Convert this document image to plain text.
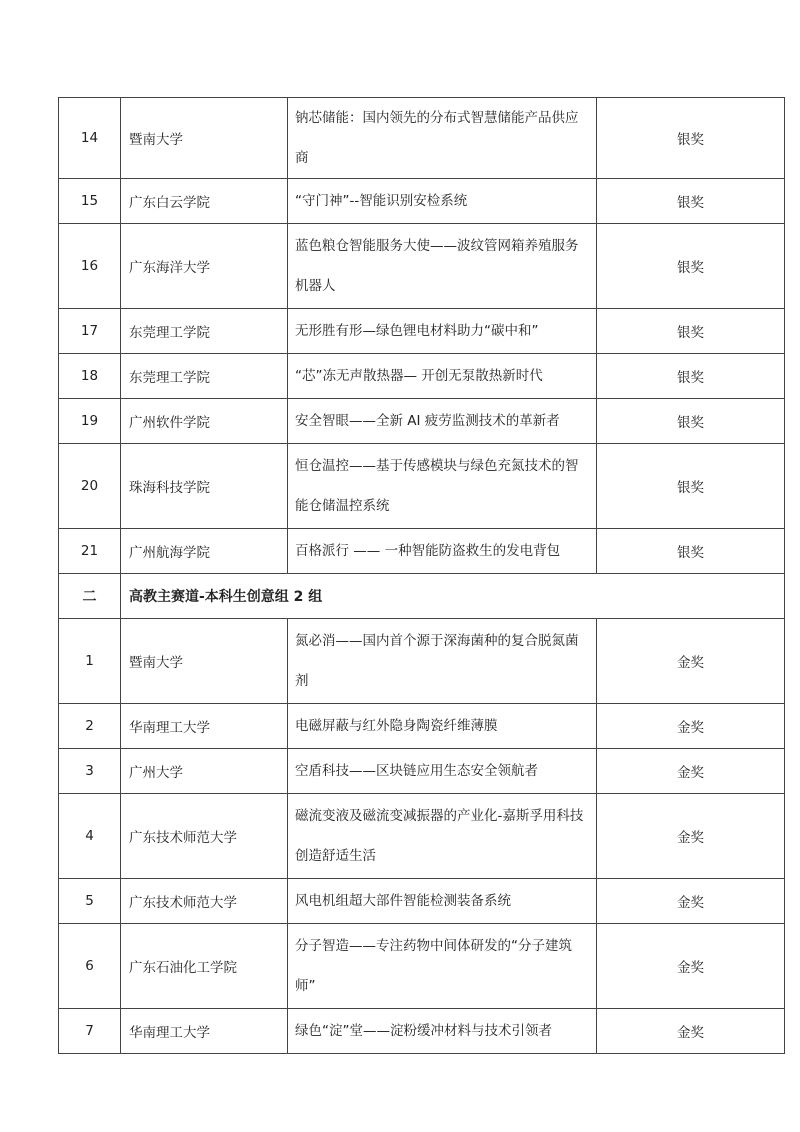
14	暨南大学	钠芯储能：国内领先的分布式智慧储能产品供应商	银奖
15	广东白云学院	“守门神”--智能识别安检系统	银奖
16	广东海洋大学	蓝色粮仓智能服务大使——波纹管网箱养殖服务机器人	银奖
17	东莞理工学院	无形胜有形—绿色锂电材料助力“碳中和”	银奖
18	东莞理工学院	“芯”冻无声散热器— 开创无泵散热新时代	银奖
19	广州软件学院	安全智眼——全新 AI 疲劳监测技术的革新者	银奖
20	珠海科技学院	恒仓温控——基于传感模块与绿色充氮技术的智能仓储温控系统	银奖
21	广州航海学院	百格派行 —— 一种智能防盗救生的发电背包	银奖
二	高教主赛道-本科生创意组 2 组		
1	暨南大学	氮必消——国内首个源于深海菌种的复合脱氮菌剂	金奖
2	华南理工大学	电磁屏蔽与红外隐身陶瓷纤维薄膜	金奖
3	广州大学	空盾科技——区块链应用生态安全领航者	金奖
4	广东技术师范大学	磁流变液及磁流变减振器的产业化-嘉斯孚用科技创造舒适生活	金奖
5	广东技术师范大学	风电机组超大部件智能检测装备系统	金奖
6	广东石油化工学院	分子智造——专注药物中间体研发的“分子建筑师”	金奖
7	华南理工大学	绿色“淀”堂——淀粉缓冲材料与技术引领者	金奖
